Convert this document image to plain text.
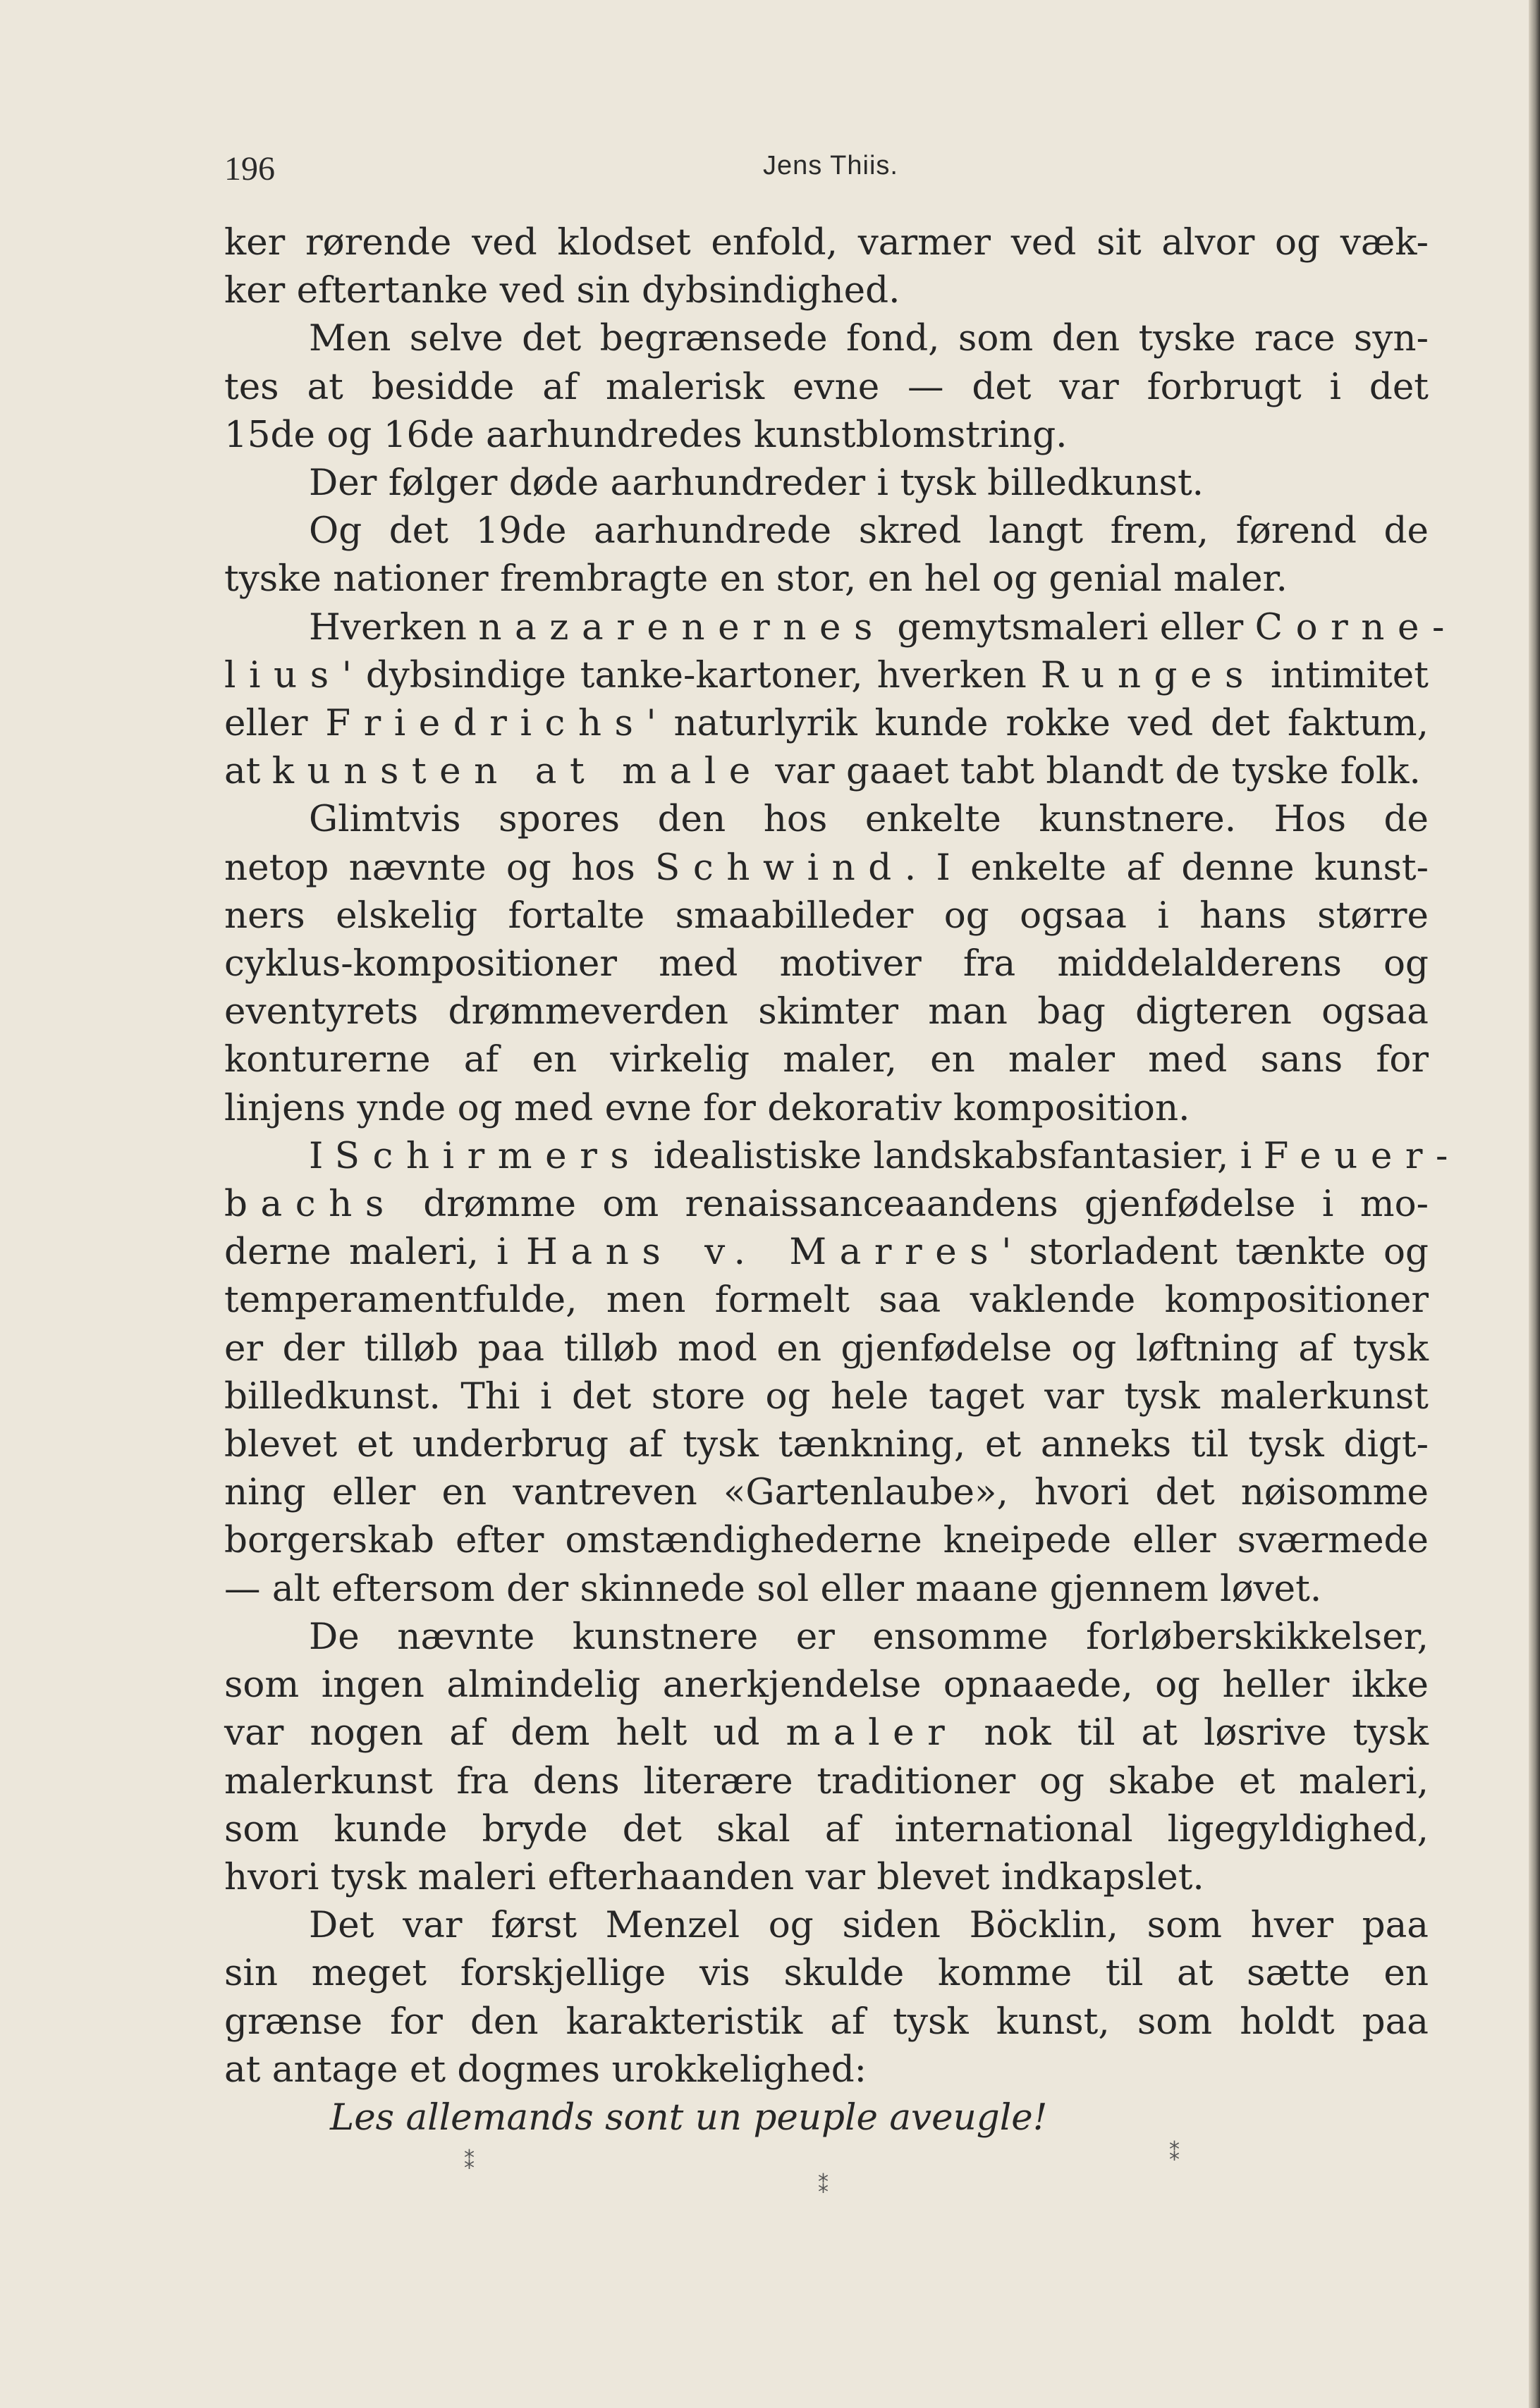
196	Jens Thiis.

ker rørende ved klodset enfold, varmer ved sit alvor og væk-
ker eftertanke ved sin dybsindighed.

Men selve det begrænsede fond, som den tyske race syn-
tes at besidde af malerisk evne — det var forbrugt i det
15de og 16de aarhundredes kunstblomstring.

Der følger døde aarhundreder i tysk billedkunst.

Og det 19de aarhundrede skred langt frem, førend de
tyske nationer frembragte en stor, en hel og genial maler.

Hverken nazarenernes gemytsmaleri eller Corne-
lius' dybsindige tanke-kartoner, hverken Runges intimitet
eller Friedrichs' naturlyrik kunde rokke ved det faktum,
at kunsten at male var gaaet tabt blandt de tyske folk.

Glimtvis spores den hos enkelte kunstnere. Hos de
netop nævnte og hos Schwind. I enkelte af denne kunst-
ners elskelig fortalte smaabilleder og ogsaa i hans større
cyklus-kompositioner med motiver fra middelalderens og
eventyrets drømmeverden skimter man bag digteren ogsaa
konturerne af en virkelig maler, en maler med sans for
linjens ynde og med evne for dekorativ komposition.

I Schirmers idealistiske landskabsfantasier, i Feuer-
bachs drømme om renaissanceaandens gjenfødelse i mo-
derne maleri, i Hans v. Marres' storladent tænkte og
temperamentfulde, men formelt saa vaklende kompositioner
er der tilløb paa tilløb mod en gjenfødelse og løftning af tysk
billedkunst. Thi i det store og hele taget var tysk malerkunst
blevet et underbrug af tysk tænkning, et anneks til tysk digt-
ning eller en vantreven «Gartenlaube», hvori det nøisomme
borgerskab efter omstændighederne kneipede eller sværmede
— alt eftersom der skinnede sol eller maane gjennem løvet.

De nævnte kunstnere er ensomme forløberskikkelser,
som ingen almindelig anerkjendelse opnaaede, og heller ikke
var nogen af dem helt ud maler nok til at løsrive tysk
malerkunst fra dens literære traditioner og skabe et maleri,
som kunde bryde det skal af international ligegyldighed,
hvori tysk maleri efterhaanden var blevet indkapslet.

Det var først Menzel og siden Böcklin, som hver paa
sin meget forskjellige vis skulde komme til at sætte en
grænse for den karakteristik af tysk kunst, som holdt paa
at antage et dogmes urokkelighed:

Les allemands sont un peuple aveugle!
⁑
⁑
⁑
